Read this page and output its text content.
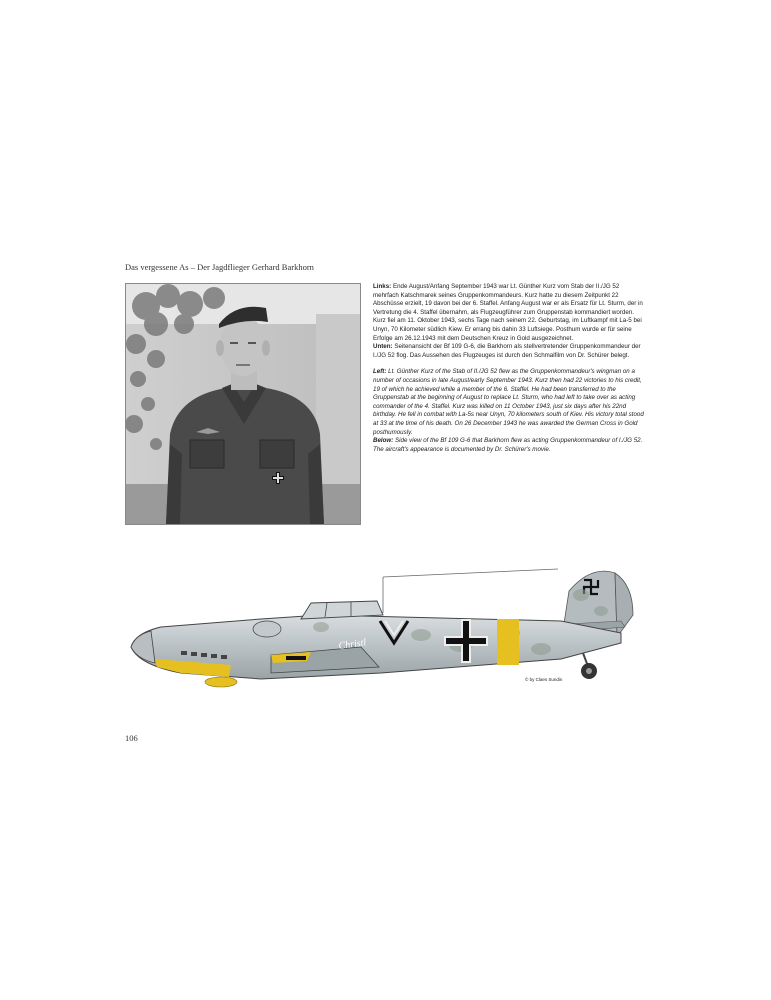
Das vergessene As – Der Jagdflieger Gerhard Barkhorn

Links: Ende August/Anfang September 1943 war Lt. Günther Kurz vom Stab der II./JG 52 mehrfach Katschmarek seines Gruppenkommandeurs. Kurz hatte zu diesem Zeitpunkt 22 Abschüsse erzielt, 19 davon bei der 6. Staffel. Anfang August war er als Ersatz für Lt. Sturm, der in Vertretung die 4. Staffel übernahm, als Flugzeugführer zum Gruppenstab kommandiert worden. Kurz fiel am 11. Oktober 1943, sechs Tage nach seinem 22. Geburtstag, im Luftkampf mit La-5 bei Unyn, 70 Kilometer südlich Kiew. Er errang bis dahin 33 Luftsiege. Posthum wurde er für seine Erfolge am 26.12.1943 mit dem Deutschen Kreuz in Gold ausgezeichnet.
Unten: Seitenansicht der Bf 109 G-6, die Barkhorn als stellvertretender Gruppenkommandeur der I./JG 52 flog. Das Aussehen des Flugzeuges ist durch den Schmalfilm von Dr. Schürer belegt.

Left: Lt. Günther Kurz of the Stab of II./JG 52 flew as the Gruppenkommandeur's wingman on a number of occasions in late August/early September 1943. Kurz then had 22 victories to his credit, 19 of which he achieved while a member of the 6. Staffel. He had been transferred to the Gruppenstab at the beginning of August to replace Lt. Sturm, who had left to take over as acting commander of the 4. Staffel. Kurz was killed on 11 October 1943, just six days after his 22nd birthday. He fell in combat with La-5s near Unyn, 70 kilometers south of Kiev. His victory total stood at 33 at the time of his death. On 26 December 1943 he was awarded the German Cross in Gold posthumously.
Below: Side view of the Bf 109 G-6 that Barkhorn flew as acting Gruppenkommandeur of I./JG 52. The aircraft's appearance is documented by Dr. Schürer's movie.

Christl
© by Claes Sundin
106
